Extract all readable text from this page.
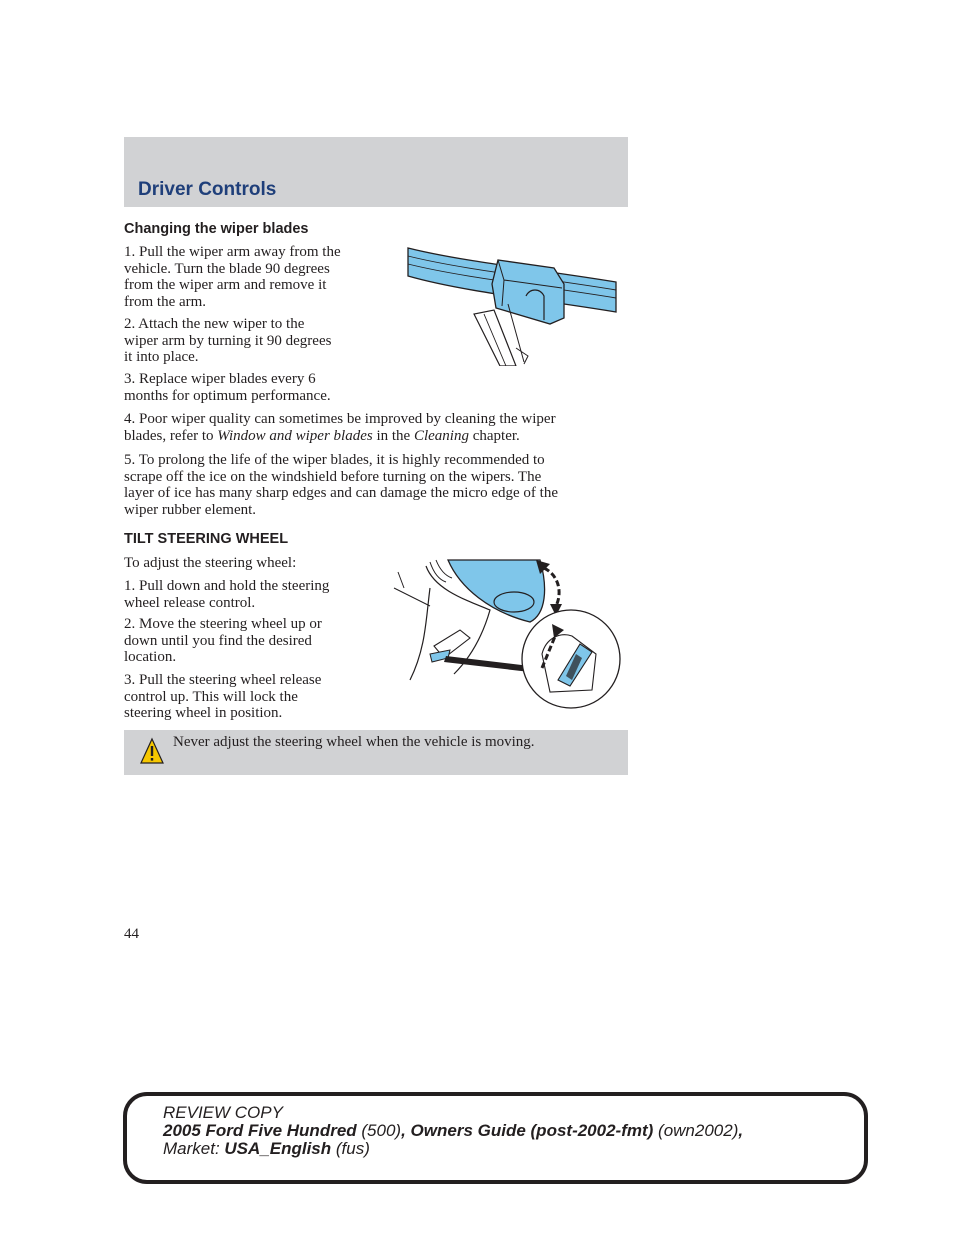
Driver Controls
Changing the wiper blades

1. Pull the wiper arm away from the
vehicle. Turn the blade 90 degrees
from the wiper arm and remove it
from the arm.

2. Attach the new wiper to the
wiper arm by turning it 90 degrees
it into place.

3. Replace wiper blades every 6
months for optimum performance.

4. Poor wiper quality can sometimes be improved by cleaning the wiper
blades, refer to Window and wiper blades in the Cleaning chapter.

5. To prolong the life of the wiper blades, it is highly recommended to
scrape off the ice on the windshield before turning on the wipers. The
layer of ice has many sharp edges and can damage the micro edge of the
wiper rubber element.

TILT STEERING WHEEL

To adjust the steering wheel:

1. Pull down and hold the steering
wheel release control.

2. Move the steering wheel up or
down until you find the desired
location.

3. Pull the steering wheel release
control up. This will lock the
steering wheel in position.

Never adjust the steering wheel when the vehicle is moving.
44
REVIEW COPY
2005 Ford Five Hundred (500), Owners Guide (post-2002-fmt) (own2002),
Market: USA_English (fus)
